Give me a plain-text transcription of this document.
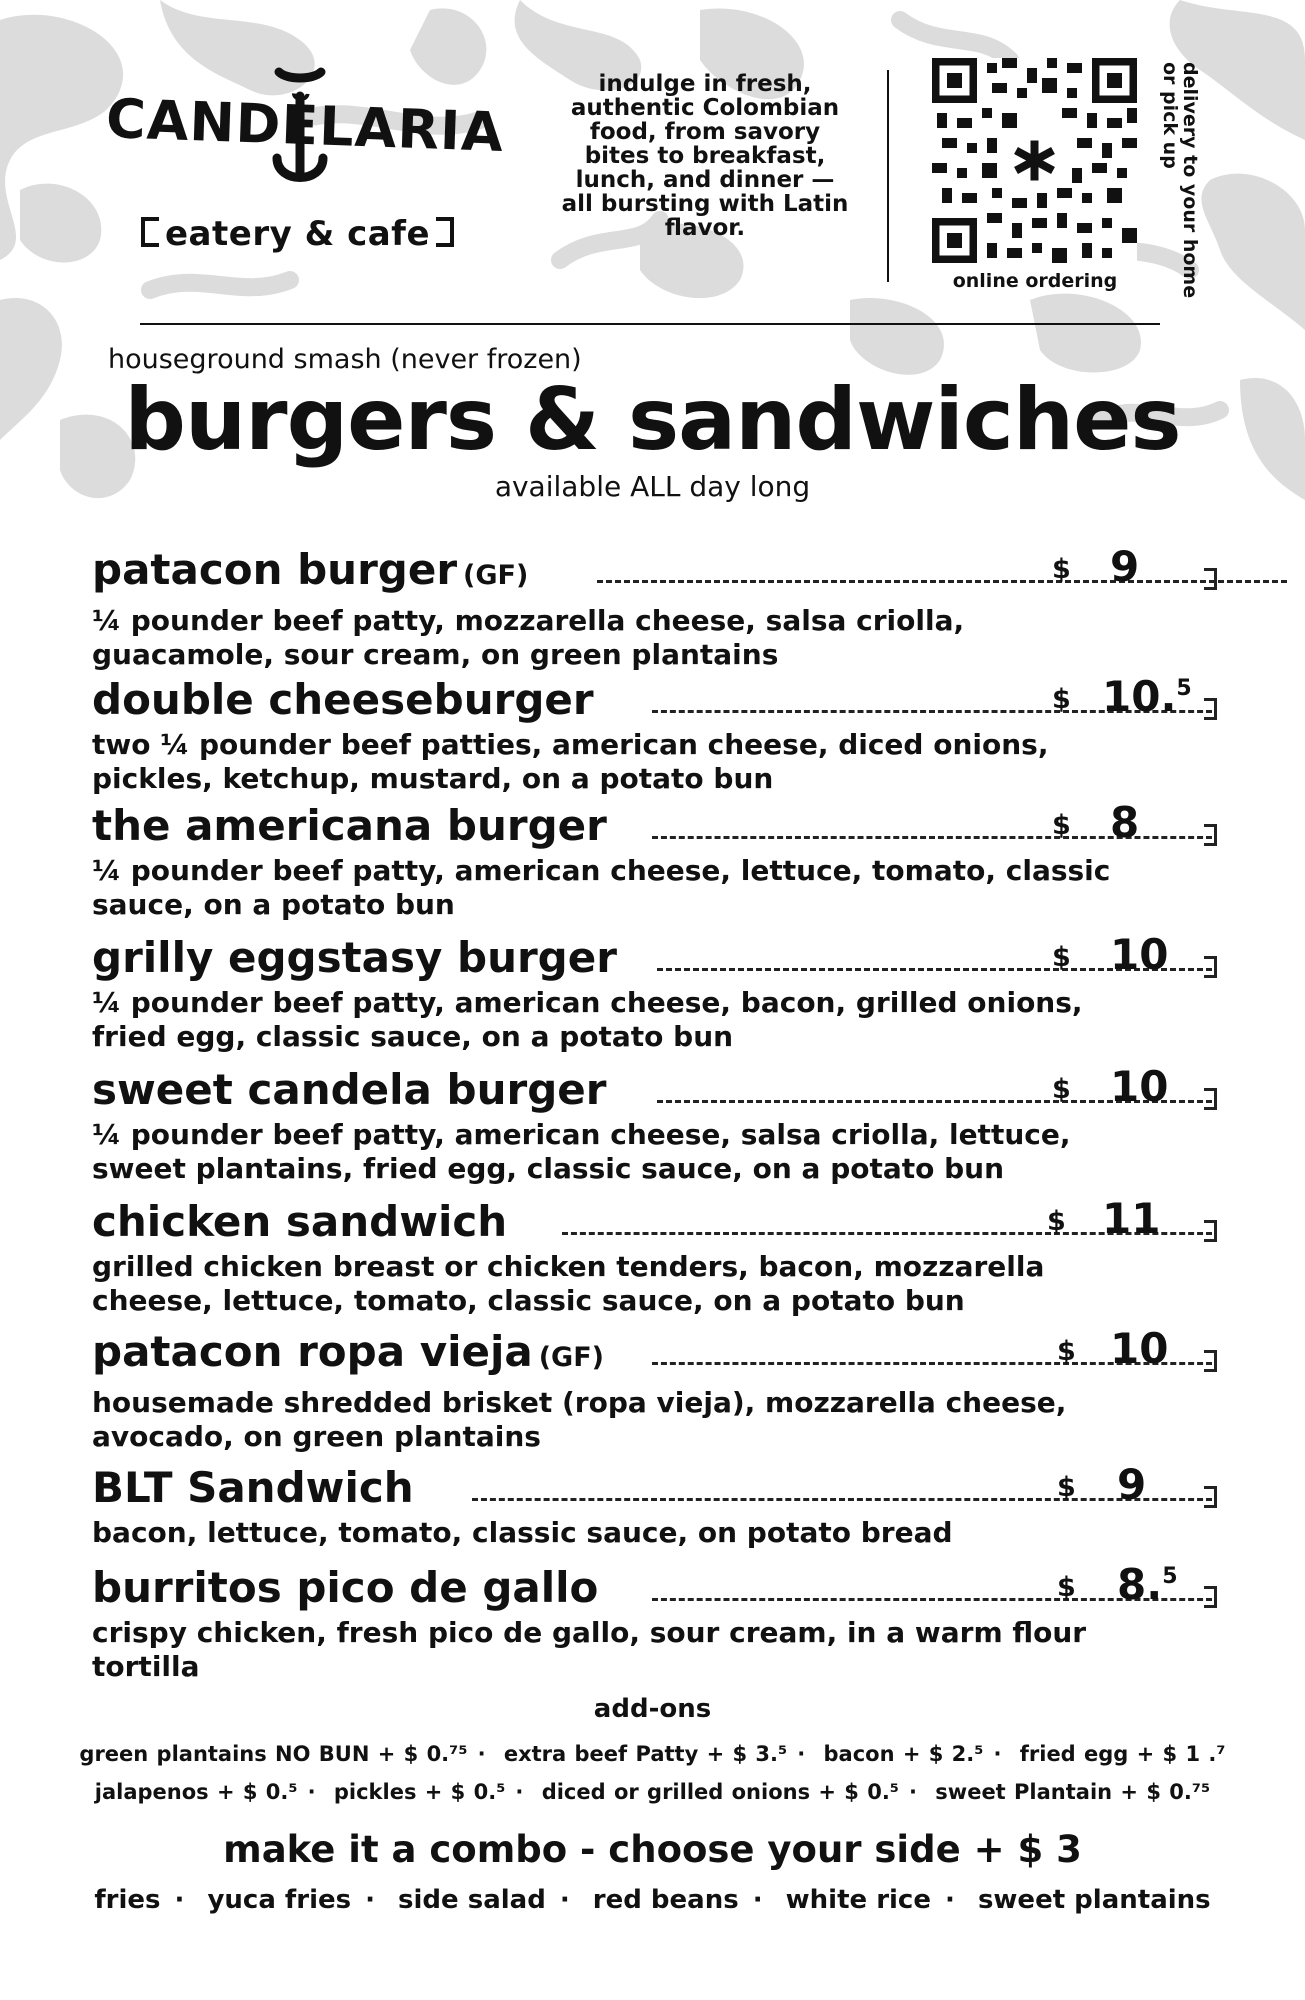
CANDĔLARIA
eatery & cafe
indulge in fresh, authentic Colombian food, from savory bites to breakfast, lunch, and dinner —all bursting with Latin flavor.
online ordering	delivery to your home or pick up
houseground smash (never frozen)
burgers & sandwiches
available ALL day long
patacon burger (GF)	$ 9
¼ pounder beef patty, mozzarella cheese, salsa criolla, guacamole, sour cream, on green plantains
double cheeseburger	$ 10.$^5$
two ¼ pounder beef patties, american cheese, diced onions, pickles, ketchup, mustard, on a potato bun
the americana burger	$ 8
¼ pounder beef patty, american cheese, lettuce, tomato, classic sauce, on a potato bun
grilly eggstasy burger	$ 10
¼ pounder beef patty, american cheese, bacon, grilled onions, fried egg, classic sauce, on a potato bun
sweet candela burger	$ 10
¼ pounder beef patty, american cheese, salsa criolla, lettuce, sweet plantains, fried egg, classic sauce, on a potato bun
chicken sandwich	$ 11
grilled chicken breast or chicken tenders, bacon, mozzarella cheese, lettuce, tomato, classic sauce, on a potato bun
patacon ropa vieja (GF)	$ 10
housemade shredded brisket (ropa vieja), mozzarella cheese, avocado, on green plantains
BLT Sandwich	$ 9
bacon, lettuce, tomato, classic sauce, on potato bread
burritos pico de gallo	$ 8.$^5$
crispy chicken, fresh pico de gallo, sour cream, in a warm flour tortilla
add-ons
green plantains NO BUN + $ 0.⁷⁵ · extra beef Patty + $ 3.⁵ · bacon + $ 2.⁵ · fried egg + $ 1 .⁷
jalapenos + $ 0.⁵ · pickles + $ 0.⁵ · diced or grilled onions + $ 0.⁵ · sweet Plantain + $ 0.⁷⁵
make it a combo - choose your side + $ 3
fries · yuca fries · side salad · red beans · white rice · sweet plantains
